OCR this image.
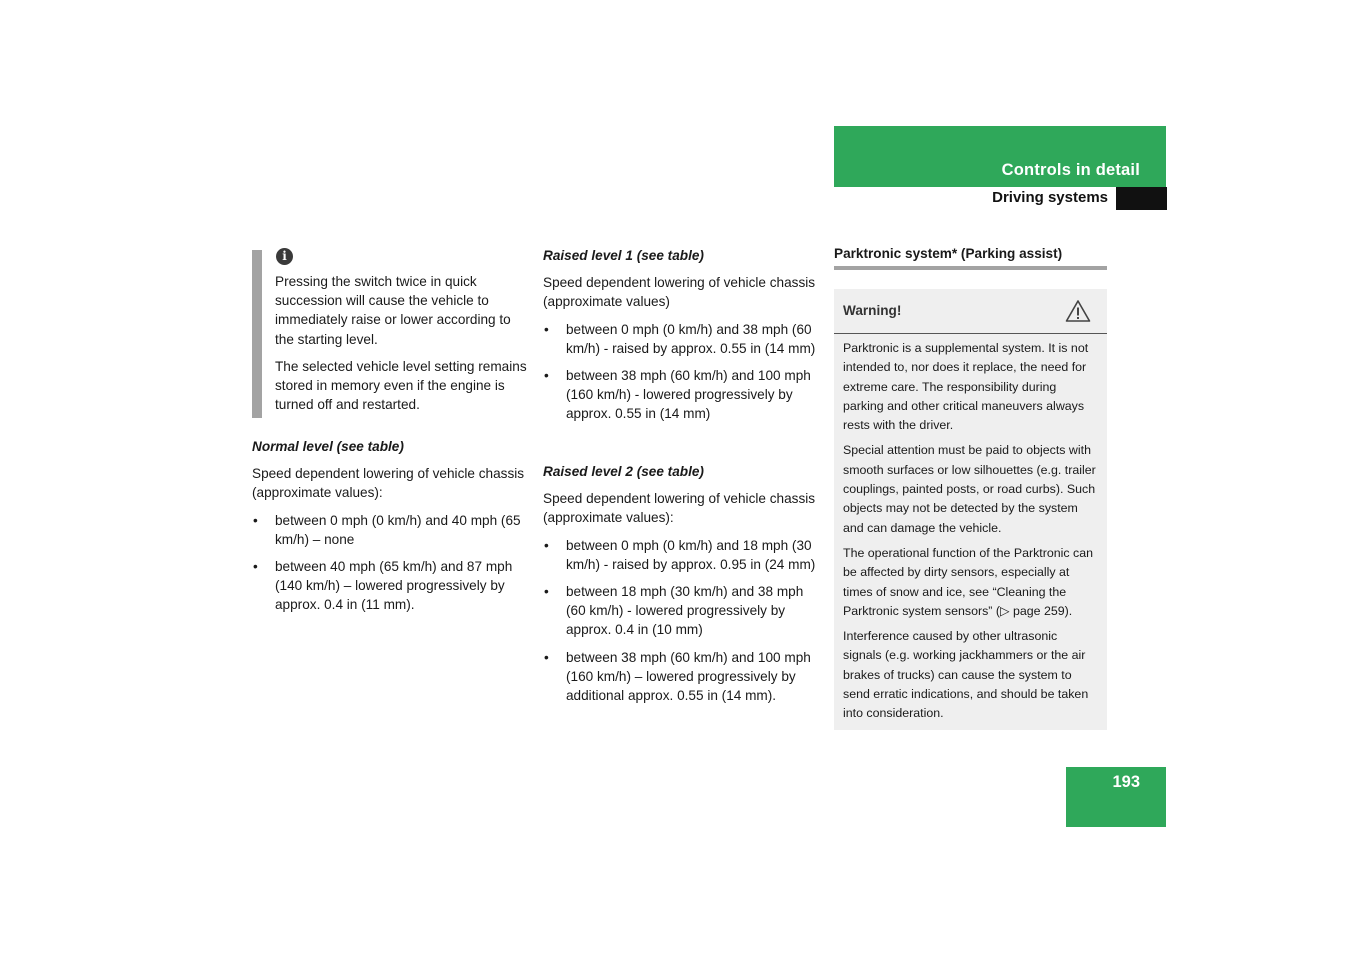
Controls in detail
Driving systems
i

Pressing the switch twice in quick succession will cause the vehicle to immediately raise or lower according to the starting level.

The selected vehicle level setting remains stored in memory even if the engine is turned off and restarted.

Normal level (see table)

Speed dependent lowering of vehicle chassis (approximate values):

• between 0 mph (0 km/h) and 40 mph (65 km/h) – none
• between 40 mph (65 km/h) and 87 mph (140 km/h) – lowered progressively by approx. 0.4 in (11 mm).
Raised level 1 (see table)

Speed dependent lowering of vehicle chassis (approximate values)

• between 0 mph (0 km/h) and 38 mph (60 km/h) - raised by approx. 0.55 in (14 mm)
• between 38 mph (60 km/h) and 100 mph (160 km/h) - lowered progressively by approx. 0.55 in (14 mm)
Raised level 2 (see table)

Speed dependent lowering of vehicle chassis (approximate values):

• between 0 mph (0 km/h) and 18 mph (30 km/h) - raised by approx. 0.95 in (24 mm)
• between 18 mph (30 km/h) and 38 mph (60 km/h) - lowered progressively by approx. 0.4 in (10 mm)
• between 38 mph (60 km/h) and 100 mph (160 km/h) – lowered progressively by additional approx. 0.55 in (14 mm).
Parktronic system* (Parking assist)
Warning!

Parktronic is a supplemental system. It is not intended to, nor does it replace, the need for extreme care. The responsibility during parking and other critical maneuvers always rests with the driver.

Special attention must be paid to objects with smooth surfaces or low silhouettes (e.g. trailer couplings, painted posts, or road curbs). Such objects may not be detected by the system and can damage the vehicle.

The operational function of the Parktronic can be affected by dirty sensors, especially at times of snow and ice, see “Cleaning the Parktronic system sensors” (▷ page 259).

Interference caused by other ultrasonic signals (e.g. working jackhammers or the air brakes of trucks) can cause the system to send erratic indications, and should be taken into consideration.

193
